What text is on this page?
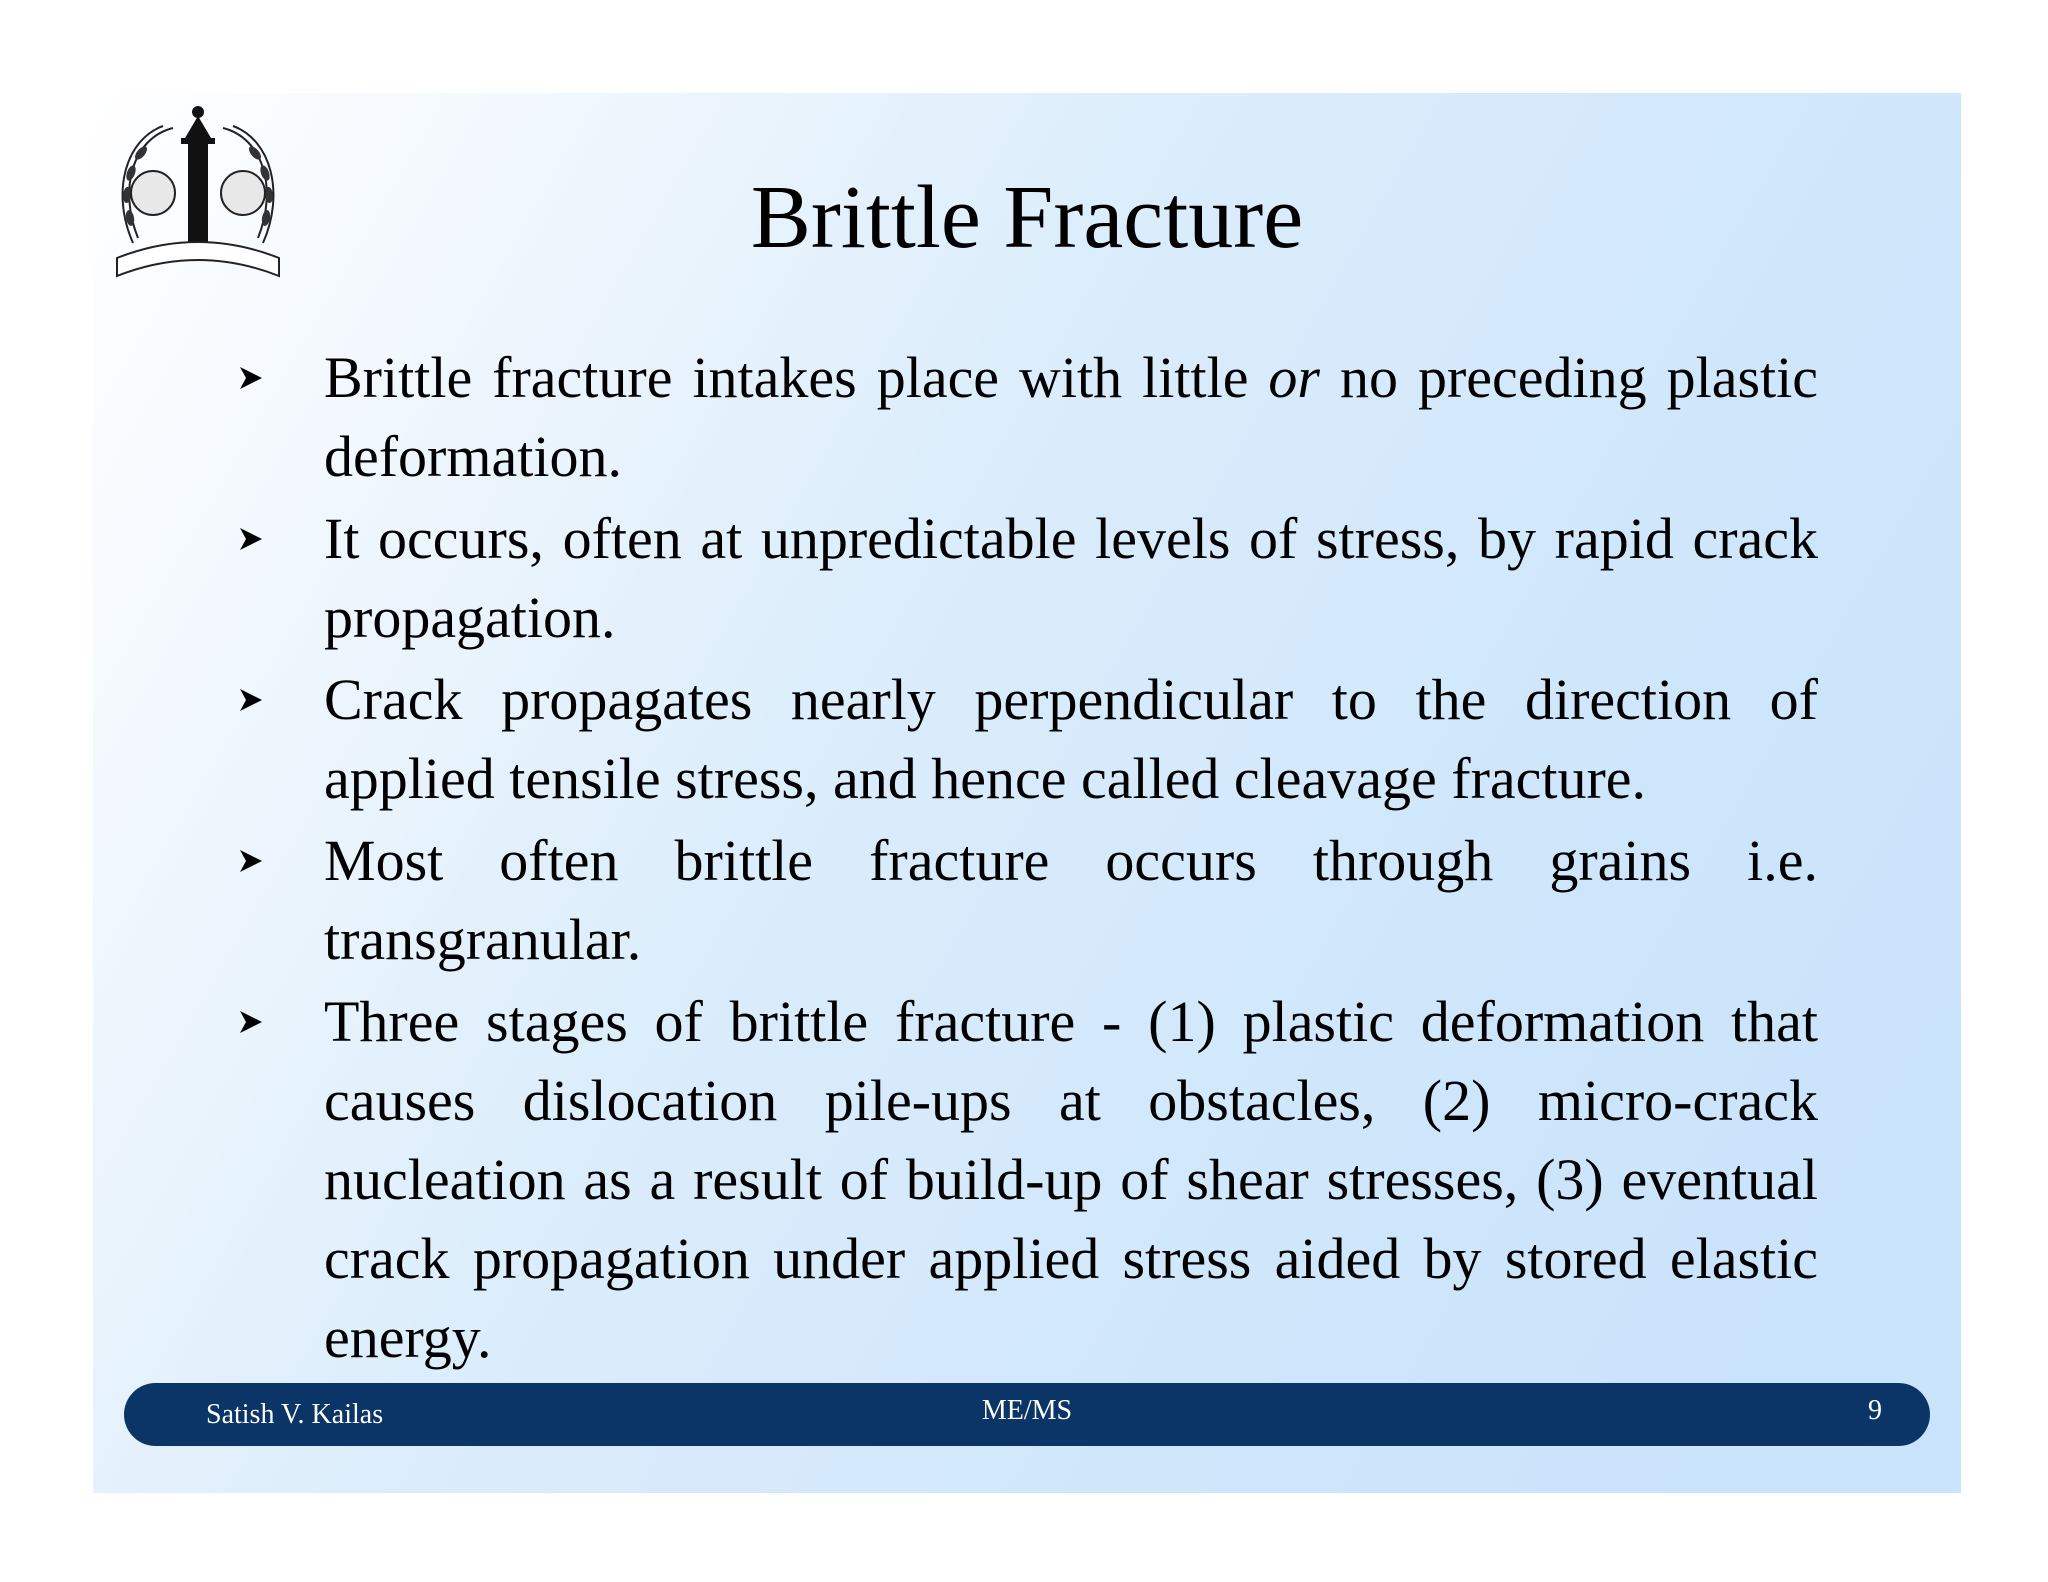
Brittle Fracture
Brittle fracture intakes place with little or no preceding plastic deformation.
It occurs, often at unpredictable levels of stress, by rapid crack propagation.
Crack propagates nearly perpendicular to the direction of applied tensile stress, and hence called cleavage fracture.
Most often brittle fracture occurs through grains i.e. transgranular.
Three stages of brittle fracture - (1) plastic deformation that causes dislocation pile-ups at obstacles, (2) micro-crack nucleation as a result of build-up of shear stresses, (3) eventual crack propagation under applied stress aided by stored elastic energy.
Satish V. Kailas	ME/MS	9
